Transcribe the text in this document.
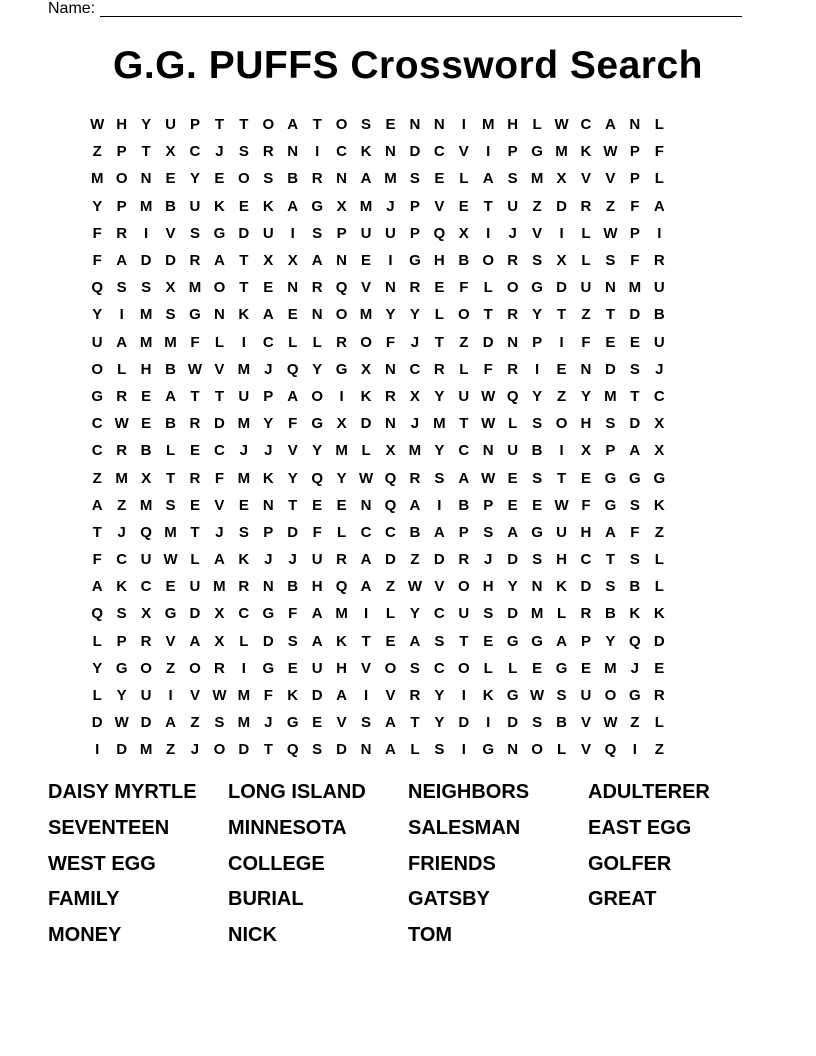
Name:
G.G. PUFFS Crossword Search
W H Y U P T	T O A T O S E N N	I	M H L W C A N L
Z P T X C J	S R N	I	C K N D C V	I	P G M K W P F
M O N E Y E O S B R N A M S E L A S M X V V P L
Y P M B U K E K A G X M J	P V E T U Z D R Z	F A
F R	I	V S G D U	I	S P U U P Q X	I	J	V	I	L W P	I
F A D D R A T X X A N E	I	G H B O R S X L S F R
Q S S X M O T E N R Q V N R E F	L O G D U N M U
Y	I	M S G N K A E N O M Y Y L O T R Y T	Z	T D B
U A M M F	L	I	C L	L R O F	J	T	Z D N P	I	F E E U
O L H B W V M J Q Y G X N C R L	F R	I	E N D S	J
G R E A T	T U P A O	I	K R X Y U W Q Y Z Y M T C
C W E B R D M Y F G X D N J M T W L S O H S D X
C R B L E C J	J	V Y M L X M Y C N U B	I	X P A X
Z M X T R F M K Y Q Y W Q R S A W E S T E G G G
A Z M S E V E N T E E N Q A	I	B P E E W F G S K
T	J Q M T	J	S P D F	L C C B A P S A G U H A F	Z
F C U W L A K J	J U R A D Z D R J D S H C T S L
A K C E U M R N B H Q A Z W V O H Y N K D S B L
Q S X G D X C G F A M	I	L Y C U S D M L R B K K
L P R V A X L D S A K T E A S T E G G A P Y Q D
Y G O Z O R	I	G E U H V O S C O L	L E G E M J	E
L Y U	I	V W M F K D A	I	V R Y	I	K G W S U O G R
D W D A Z S M J G E V S A T Y D	I	D S B V W Z	L
I	D M Z	J O D T Q S D N A L S	I	G N O L V Q	I	Z
DAISY MYRTLE	LONG ISLAND	NEIGHBORS	ADULTERER
SEVENTEEN	MINNESOTA	SALESMAN	EAST EGG
WEST EGG	COLLEGE	FRIENDS	GOLFER
FAMILY	BURIAL	GATSBY	GREAT
MONEY	NICK	TOM
